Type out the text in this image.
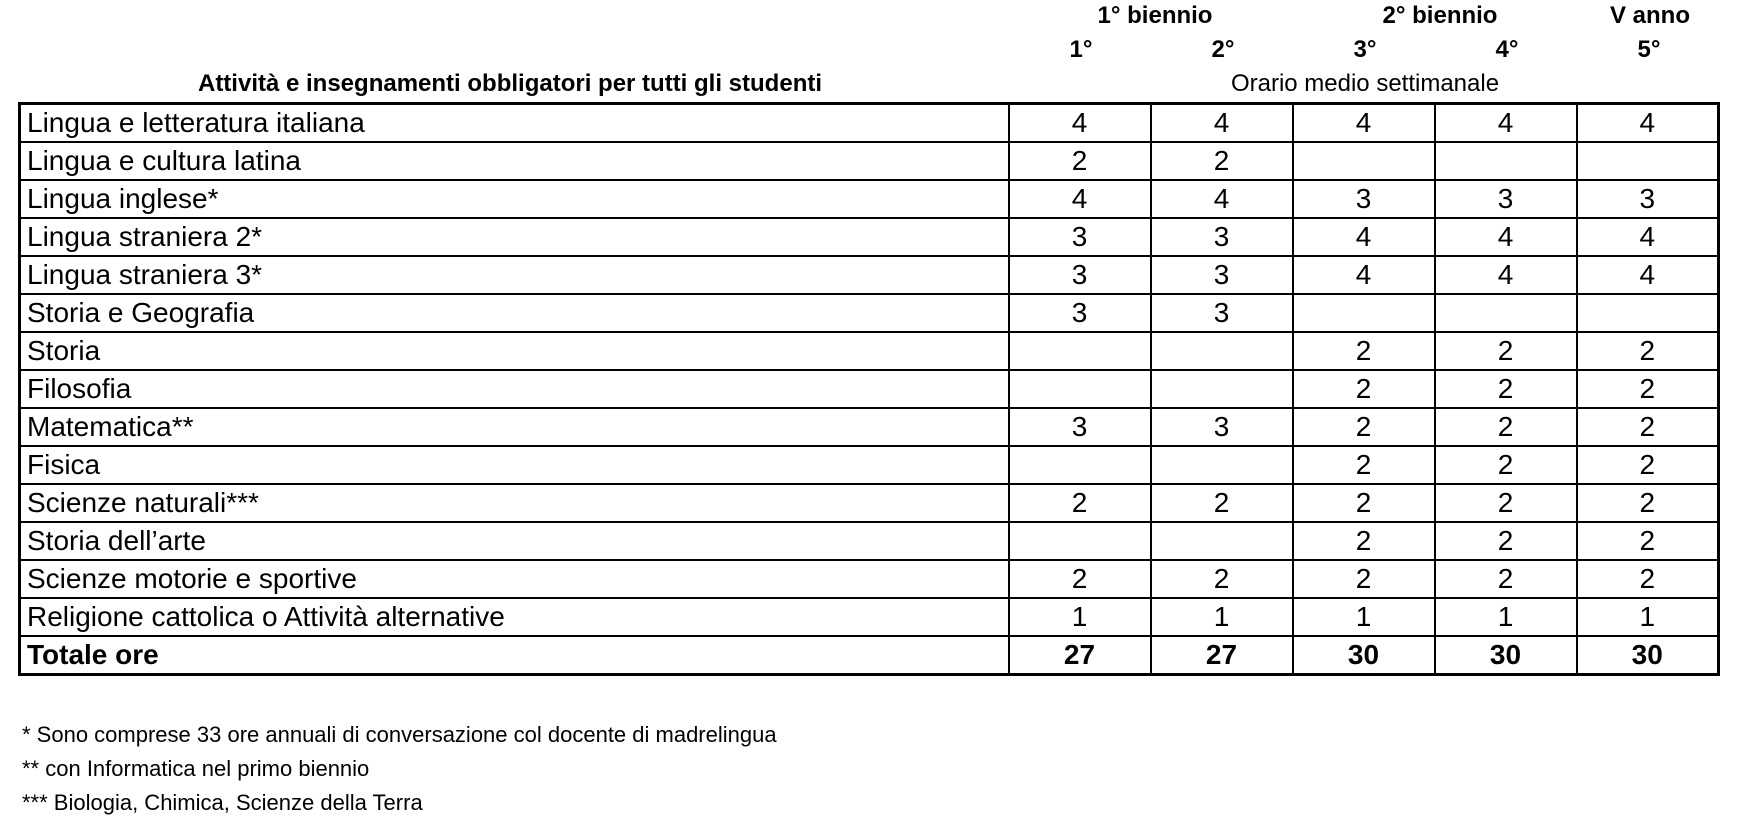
1° biennio	2° biennio	V anno
1°	2°	3°	4°	5°
Attività e insegnamenti obbligatori per tutti gli studenti	Orario medio settimanale
Lingua e letteratura italiana	4	4	4	4	4
Lingua e cultura latina	2	2			
Lingua inglese*	4	4	3	3	3
Lingua straniera 2*	3	3	4	4	4
Lingua straniera 3*	3	3	4	4	4
Storia e Geografia	3	3			
Storia			2	2	2
Filosofia			2	2	2
Matematica**	3	3	2	2	2
Fisica			2	2	2
Scienze naturali***	2	2	2	2	2
Storia dell’arte			2	2	2
Scienze motorie e sportive	2	2	2	2	2
Religione cattolica o Attività alternative	1	1	1	1	1
Totale ore	27	27	30	30	30
* Sono comprese 33 ore annuali di conversazione col docente di madrelingua
** con Informatica nel primo biennio
*** Biologia, Chimica, Scienze della Terra
